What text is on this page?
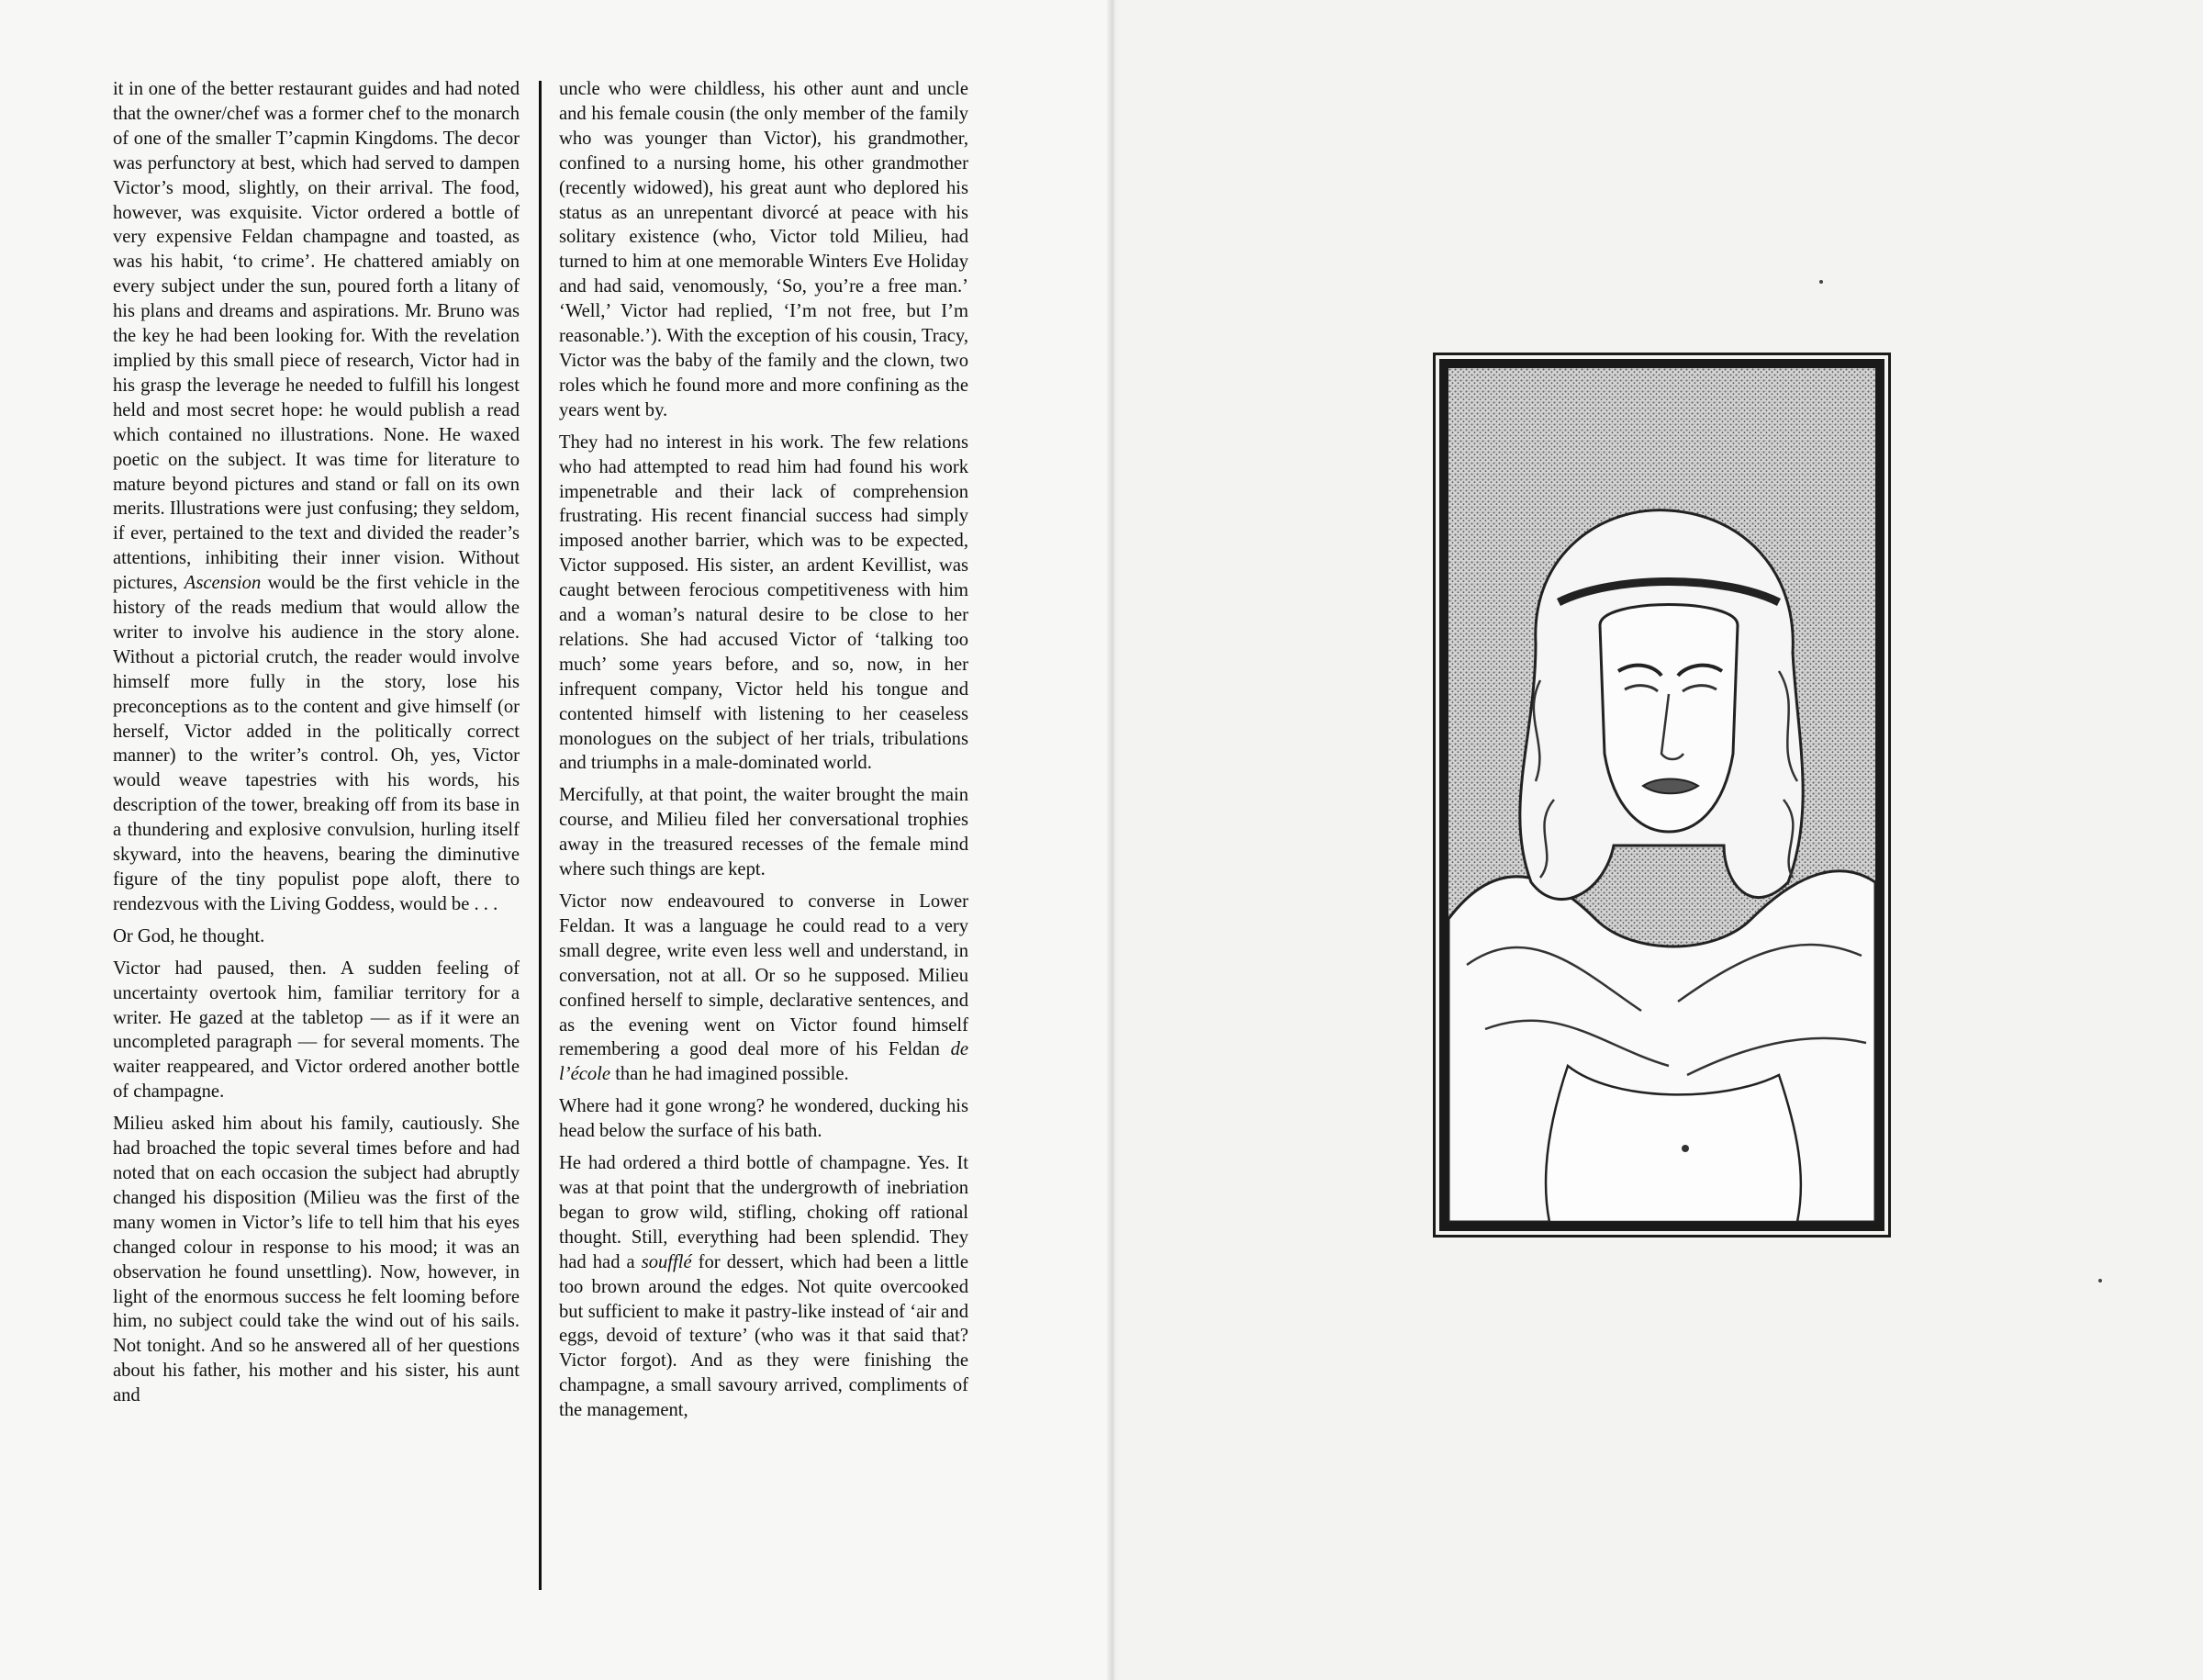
it in one of the better restaurant guides and had noted that the owner/chef was a former chef to the monarch of one of the smaller T’capmin Kingdoms. The decor was perfunctory at best, which had served to dampen Victor’s mood, slightly, on their arrival. The food, however, was exquisite. Victor ordered a bottle of very expensive Feldan champagne and toasted, as was his habit, ‘to crime’. He chattered amiably on every subject under the sun, poured forth a litany of his plans and dreams and aspirations. Mr. Bruno was the key he had been looking for. With the revelation implied by this small piece of research, Victor had in his grasp the leverage he needed to fulfill his longest held and most secret hope: he would publish a read which contained no illustrations. None. He waxed poetic on the subject. It was time for literature to mature beyond pictures and stand or fall on its own merits. Illustrations were just confusing; they seldom, if ever, pertained to the text and divided the reader’s attentions, inhibiting their inner vision. Without pictures, Ascension would be the first vehicle in the history of the reads medium that would allow the writer to involve his audience in the story alone. Without a pictorial crutch, the reader would involve himself more fully in the story, lose his preconceptions as to the content and give himself (or herself, Victor added in the politically correct manner) to the writer’s control. Oh, yes, Victor would weave tapestries with his words, his description of the tower, breaking off from its base in a thundering and explosive convulsion, hurling itself skyward, into the heavens, bearing the diminutive figure of the tiny populist pope aloft, there to rendezvous with the Living Goddess, would be . . .

Or God, he thought.

Victor had paused, then. A sudden feeling of uncertainty overtook him, familiar territory for a writer. He gazed at the tabletop — as if it were an uncompleted paragraph — for several moments. The waiter reappeared, and Victor ordered another bottle of champagne.

Milieu asked him about his family, cautiously. She had broached the topic several times before and had noted that on each occasion the subject had abruptly changed his disposition (Milieu was the first of the many women in Victor’s life to tell him that his eyes changed colour in response to his mood; it was an observation he found unsettling). Now, however, in light of the enormous success he felt looming before him, no subject could take the wind out of his sails. Not tonight. And so he answered all of her questions about his father, his mother and his sister, his aunt and

uncle who were childless, his other aunt and uncle and his female cousin (the only member of the family who was younger than Victor), his grandmother, confined to a nursing home, his other grandmother (recently widowed), his great aunt who deplored his status as an unrepentant divorcé at peace with his solitary existence (who, Victor told Milieu, had turned to him at one memorable Winters Eve Holiday and had said, venomously, ‘So, you’re a free man.’ ‘Well,’ Victor had replied, ‘I’m not free, but I’m reasonable.’). With the exception of his cousin, Tracy, Victor was the baby of the family and the clown, two roles which he found more and more confining as the years went by.

They had no interest in his work. The few relations who had attempted to read him had found his work impenetrable and their lack of comprehension frustrating. His recent financial success had simply imposed another barrier, which was to be expected, Victor supposed. His sister, an ardent Kevillist, was caught between ferocious competitiveness with him and a woman’s natural desire to be close to her relations. She had accused Victor of ‘talking too much’ some years before, and so, now, in her infrequent company, Victor held his tongue and contented himself with listening to her ceaseless monologues on the subject of her trials, tribulations and triumphs in a male-dominated world.

Mercifully, at that point, the waiter brought the main course, and Milieu filed her conversational trophies away in the treasured recesses of the female mind where such things are kept.

Victor now endeavoured to converse in Lower Feldan. It was a language he could read to a very small degree, write even less well and understand, in conversation, not at all. Or so he supposed. Milieu confined herself to simple, declarative sentences, and as the evening went on Victor found himself remembering a good deal more of his Feldan de l’école than he had imagined possible.

Where had it gone wrong? he wondered, ducking his head below the surface of his bath.

He had ordered a third bottle of champagne. Yes. It was at that point that the undergrowth of inebriation began to grow wild, stifling, choking off rational thought. Still, everything had been splendid. They had had a soufflé for dessert, which had been a little too brown around the edges. Not quite overcooked but sufficient to make it pastry-like instead of ‘air and eggs, devoid of texture’ (who was it that said that? Victor forgot). And as they were finishing the champagne, a small savoury arrived, compliments of the management,
